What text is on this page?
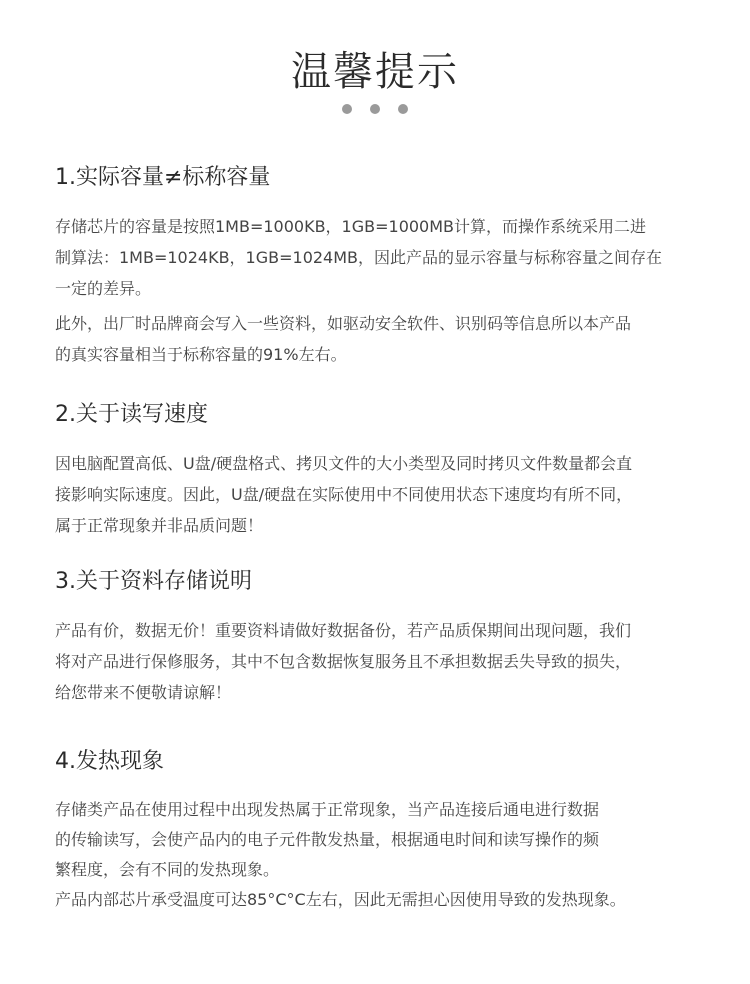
温馨提示
1.实际容量≠标称容量
存储芯片的容量是按照1MB=1000KB，1GB=1000MB计算，而操作系统采用二进
制算法：1MB=1024KB，1GB=1024MB，因此产品的显示容量与标称容量之间存在
一定的差异。
此外，出厂时品牌商会写入一些资料，如驱动安全软件、识别码等信息所以本产品
的真实容量相当于标称容量的91%左右。
2.关于读写速度
因电脑配置高低、U盘/硬盘格式、拷贝文件的大小类型及同时拷贝文件数量都会直
接影响实际速度。因此，U盘/硬盘在实际使用中不同使用状态下速度均有所不同，
属于正常现象并非品质问题！
3.关于资料存储说明
产品有价，数据无价！重要资料请做好数据备份，若产品质保期间出现问题，我们
将对产品进行保修服务，其中不包含数据恢复服务且不承担数据丢失导致的损失，
给您带来不便敬请谅解！
4.发热现象
存储类产品在使用过程中出现发热属于正常现象，当产品连接后通电进行数据
的传输读写，会使产品内的电子元件散发热量，根据通电时间和读写操作的频
繁程度，会有不同的发热现象。
产品内部芯片承受温度可达85°C°C左右，因此无需担心因使用导致的发热现象。
